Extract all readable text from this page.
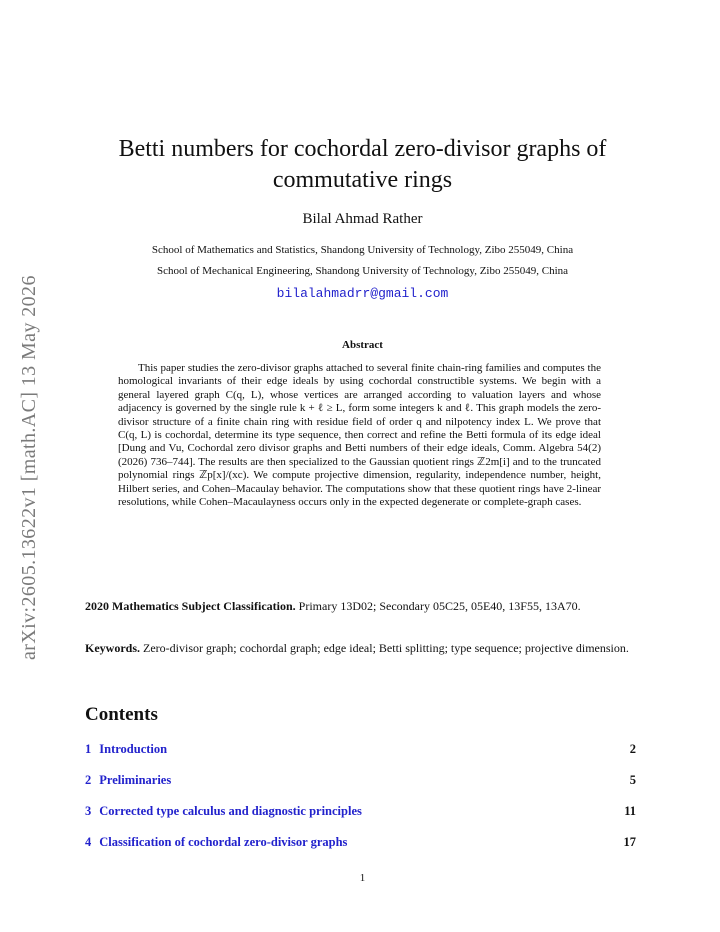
arXiv:2605.13622v1 [math.AC] 13 May 2026
Betti numbers for cochordal zero-divisor graphs of commutative rings
Bilal Ahmad Rather
School of Mathematics and Statistics, Shandong University of Technology, Zibo 255049, China
School of Mechanical Engineering, Shandong University of Technology, Zibo 255049, China
bilalahmadrr@gmail.com
Abstract
This paper studies the zero-divisor graphs attached to several finite chain-ring families and computes the homological invariants of their edge ideals by using cochordal constructible systems. We begin with a general layered graph C(q, L), whose vertices are arranged according to valuation layers and whose adjacency is governed by the single rule k + ℓ ≥ L, form some integers k and ℓ. This graph models the zero-divisor structure of a finite chain ring with residue field of order q and nilpotency index L. We prove that C(q, L) is cochordal, determine its type sequence, then correct and refine the Betti formula of its edge ideal [Dung and Vu, Cochordal zero divisor graphs and Betti numbers of their edge ideals, Comm. Algebra 54(2) (2026) 736–744]. The results are then specialized to the Gaussian quotient rings ℤ2m[i] and to the truncated polynomial rings ℤp[x]/(xc). We compute projective dimension, regularity, independence number, height, Hilbert series, and Cohen–Macaulay behavior. The computations show that these quotient rings have 2-linear resolutions, while Cohen–Macaulayness occurs only in the expected degenerate or complete-graph cases.
2020 Mathematics Subject Classification. Primary 13D02; Secondary 05C25, 05E40, 13F55, 13A70.
Keywords. Zero-divisor graph; cochordal graph; edge ideal; Betti splitting; type sequence; projective dimension.
Contents
1 Introduction	2
2 Preliminaries	5
3 Corrected type calculus and diagnostic principles	11
4 Classification of cochordal zero-divisor graphs	17
1
